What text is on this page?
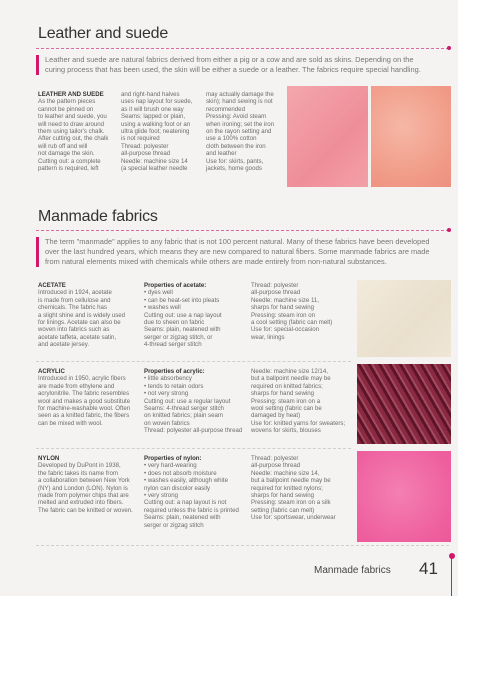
Leather and suede

Leather and suede are natural fabrics derived from either a pig or a cow and are sold as skins. Depending on the

curing process that has been used, the skin will be either a suede or a leather. The fabrics require special handling.

LEATHER AND SUEDE
As the pattern pieces
cannot be pinned on
to leather and suede, you
will need to draw around
them using tailor's chalk.
After cutting out, the chalk
will rub off and will
not damage the skin.
Cutting out: a complete
pattern is required, left
and right-hand halves
uses nap layout for suede,
as it will brush one way
Seams: lapped or plain,
using a walking foot or an
ultra glide foot; neatening
is not required
Thread: polyester
all-purpose thread
Needle: machine size 14
(a special leather needle
may actually damage the
skin); hand sewing is not
recommended
Pressing: Avoid steam
when ironing; set the iron
on the rayon setting and
use a 100% cotton
cloth between the iron
and leather
Use for: skirts, pants,
jackets, home goods
Manmade fabrics

The term "manmade" applies to any fabric that is not 100 percent natural. Many of these fabrics have been developed

over the last hundred years, which means they are new compared to natural fibers. Some manmade fabrics are made

from natural elements mixed with chemicals while others are made entirely from non-natural substances.

ACETATE
Introduced in 1924, acetate
is made from cellulose and
chemicals. The fabric has
a slight shine and is widely used
for linings. Acetate can also be
woven into fabrics such as
acetate taffeta, acetate satin,
and acetate jersey.
Properties of acetate:
• dyes well
• can be heat-set into pleats
• washes well
Cutting out: use a nap layout
due to sheen on fabric
Seams: plain, neatened with
serger or zigzag stitch, or
4-thread serger stitch
Thread: polyester
all-purpose thread
Needle: machine size 11,
sharps for hand sewing
Pressing: steam iron on
a cool setting (fabric can melt)
Use for: special-occasion
wear, linings
ACRYLIC
Introduced in 1950, acrylic fibers
are made from ethylene and
acrylonitrile. The fabric resembles
wool and makes a good substitute
for machine-washable wool. Often
seen as a knitted fabric, the fibers
can be mixed with wool.
Properties of acrylic:
• little absorbency
• tends to retain odors
• not very strong
Cutting out: use a regular layout
Seams: 4-thread serger stitch
on knitted fabrics; plain seam
on woven fabrics
Thread: polyester all-purpose thread
Needle: machine size 12/14,
but a ballpoint needle may be
required on knitted fabrics;
sharps for hand sewing
Pressing: steam iron on a
wool setting (fabric can be
damaged by heat)
Use for: knitted yarns for sweaters;
wovens for skirts, blouses
NYLON
Developed by DuPont in 1938,
the fabric takes its name from
a collaboration between New York
(NY) and London (LON). Nylon is
made from polymer chips that are
melted and extruded into fibers.
The fabric can be knitted or woven.
Properties of nylon:
• very hard-wearing
• does not absorb moisture
• washes easily, although white
nylon can discolor easily
• very strong
Cutting out: a nap layout is not
required unless the fabric is printed
Seams: plain, neatened with
serger or zigzag stitch
Thread: polyester
all-purpose thread
Needle: machine size 14,
but a ballpoint needle may be
required for knitted nylons;
sharps for hand sewing
Pressing: steam iron on a silk
setting (fabric can melt)
Use for: sportswear, underwear
Manmade fabrics 41
